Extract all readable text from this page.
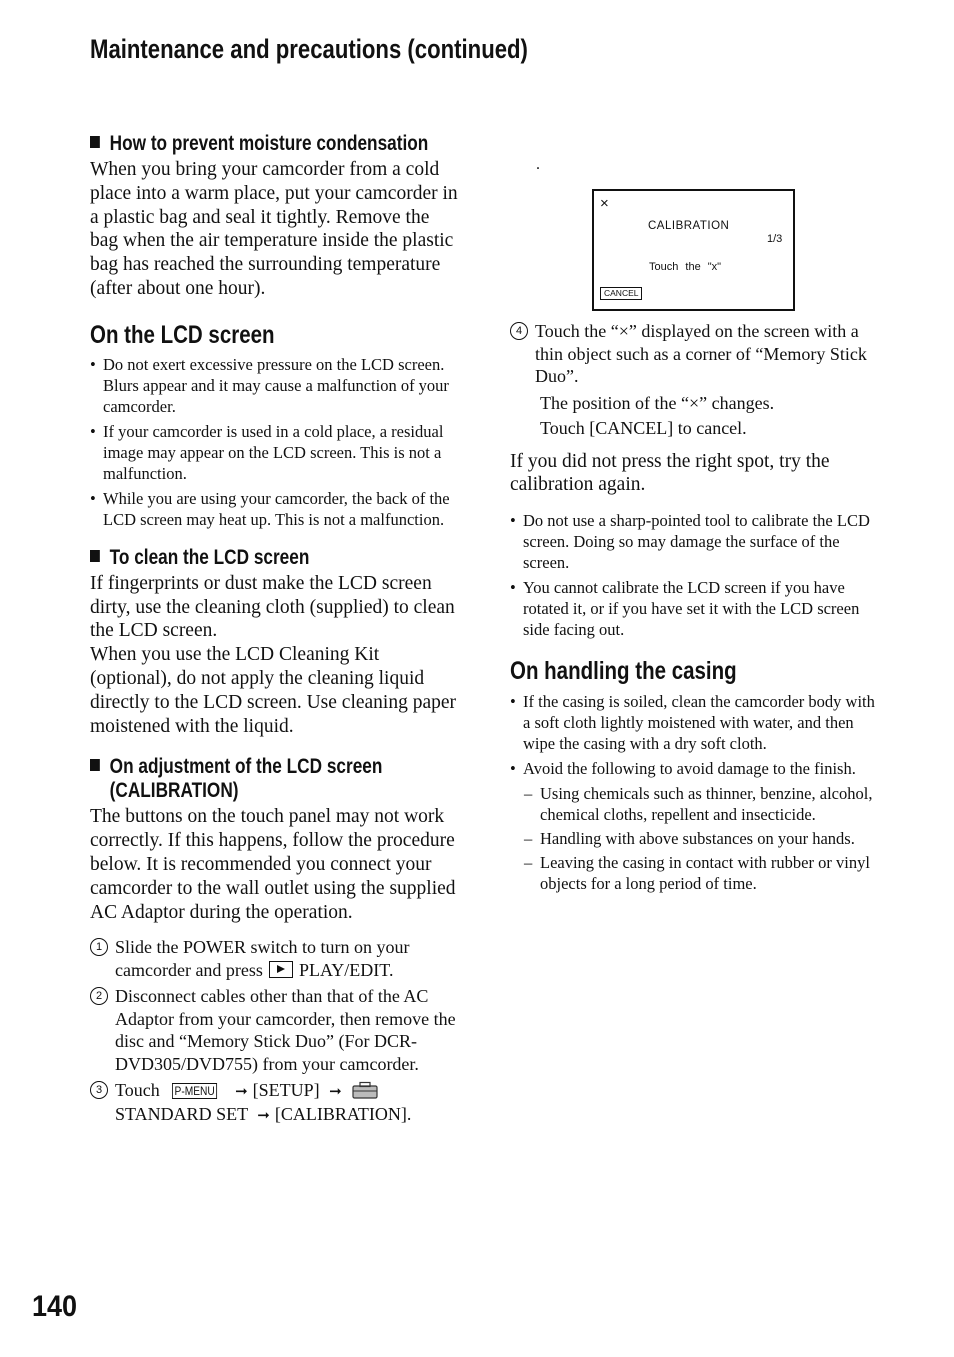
Maintenance and precautions (continued)
How to prevent moisture condensation

When you bring your camcorder from a cold place into a warm place, put your camcorder in a plastic bag and seal it tightly. Remove the bag when the air temperature inside the plastic bag has reached the surrounding temperature (after about one hour).

On the LCD screen
• Do not exert excessive pressure on the LCD screen. Blurs appear and it may cause a malfunction of your camcorder.
• If your camcorder is used in a cold place, a residual image may appear on the LCD screen. This is not a malfunction.
• While you are using your camcorder, the back of the LCD screen may heat up. This is not a malfunction.
To clean the LCD screen

If fingerprints or dust make the LCD screen dirty, use the cleaning cloth (supplied) to clean the LCD screen.

When you use the LCD Cleaning Kit (optional), do not apply the cleaning liquid directly to the LCD screen. Use cleaning paper moistened with the liquid.

On adjustment of the LCD screen
(CALIBRATION)

The buttons on the touch panel may not work correctly. If this happens, follow the procedure below. It is recommended you connect your camcorder to the wall outlet using the supplied AC Adaptor during the operation.

1 Slide the POWER switch to turn on your camcorder and press PLAY/EDIT.
2 Disconnect cables other than that of the AC Adaptor from your camcorder, then remove the disc and “Memory Stick Duo” (For DCR-DVD305/DVD755) from your camcorder.
3 Touch P-MENU ➞ [SETUP] ➞
STANDARD SET ➞ [CALIBRATION].
.
×
CALIBRATION
1/3
Touch the "x"
CANCEL
4 Touch the “×” displayed on the screen with a thin object such as a corner of “Memory Stick Duo”.
The position of the “×” changes.
Touch [CANCEL] to cancel.

If you did not press the right spot, try the calibration again.

• Do not use a sharp-pointed tool to calibrate the LCD screen. Doing so may damage the surface of the screen.
• You cannot calibrate the LCD screen if you have rotated it, or if you have set it with the LCD screen side facing out.
On handling the casing
• If the casing is soiled, clean the camcorder body with a soft cloth lightly moistened with water, and then wipe the casing with a dry soft cloth.
• Avoid the following to avoid damage to the finish.
– Using chemicals such as thinner, benzine, alcohol, chemical cloths, repellent and insecticide.
– Handling with above substances on your hands.
– Leaving the casing in contact with rubber or vinyl objects for a long period of time.
140
